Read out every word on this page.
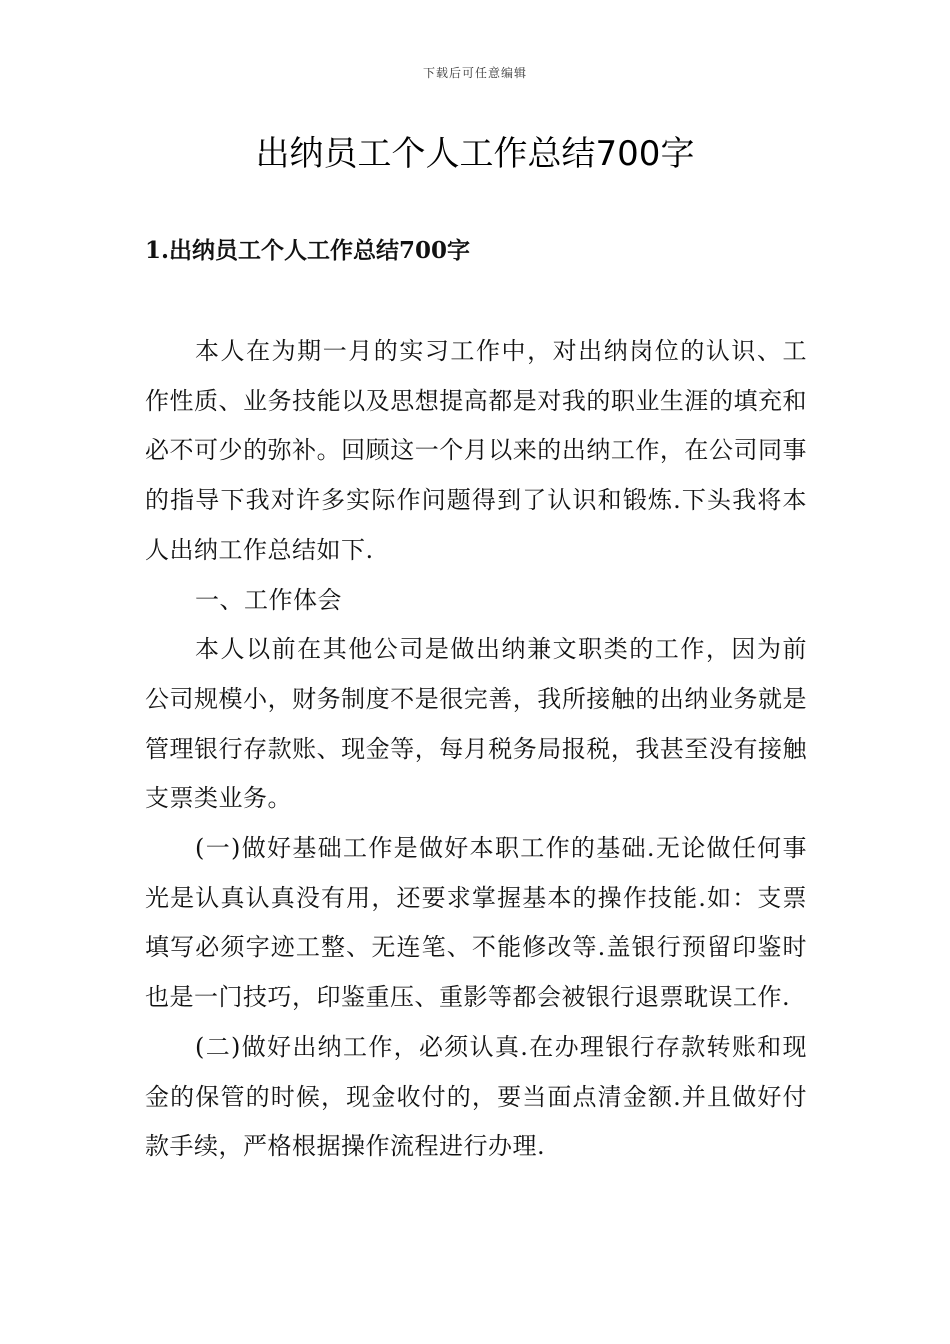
下载后可任意编辑
出纳员工个人工作总结700字
1.出纳员工个人工作总结700字

本人在为期一月的实习工作中，对出纳岗位的认识、工作性质、业务技能以及思想提高都是对我的职业生涯的填充和必不可少的弥补。回顾这一个月以来的出纳工作，在公司同事的指导下我对许多实际作问题得到了认识和锻炼.下头我将本人出纳工作总结如下.

一、工作体会

本人以前在其他公司是做出纳兼文职类的工作，因为前公司规模小，财务制度不是很完善，我所接触的出纳业务就是管理银行存款账、现金等，每月税务局报税，我甚至没有接触支票类业务。

(一)做好基础工作是做好本职工作的基础.无论做任何事光是认真认真没有用，还要求掌握基本的操作技能.如：支票填写必须字迹工整、无连笔、不能修改等.盖银行预留印鉴时也是一门技巧，印鉴重压、重影等都会被银行退票耽误工作.

(二)做好出纳工作，必须认真.在办理银行存款转账和现金的保管的时候，现金收付的，要当面点清金额.并且做好付款手续，严格根据操作流程进行办理.
